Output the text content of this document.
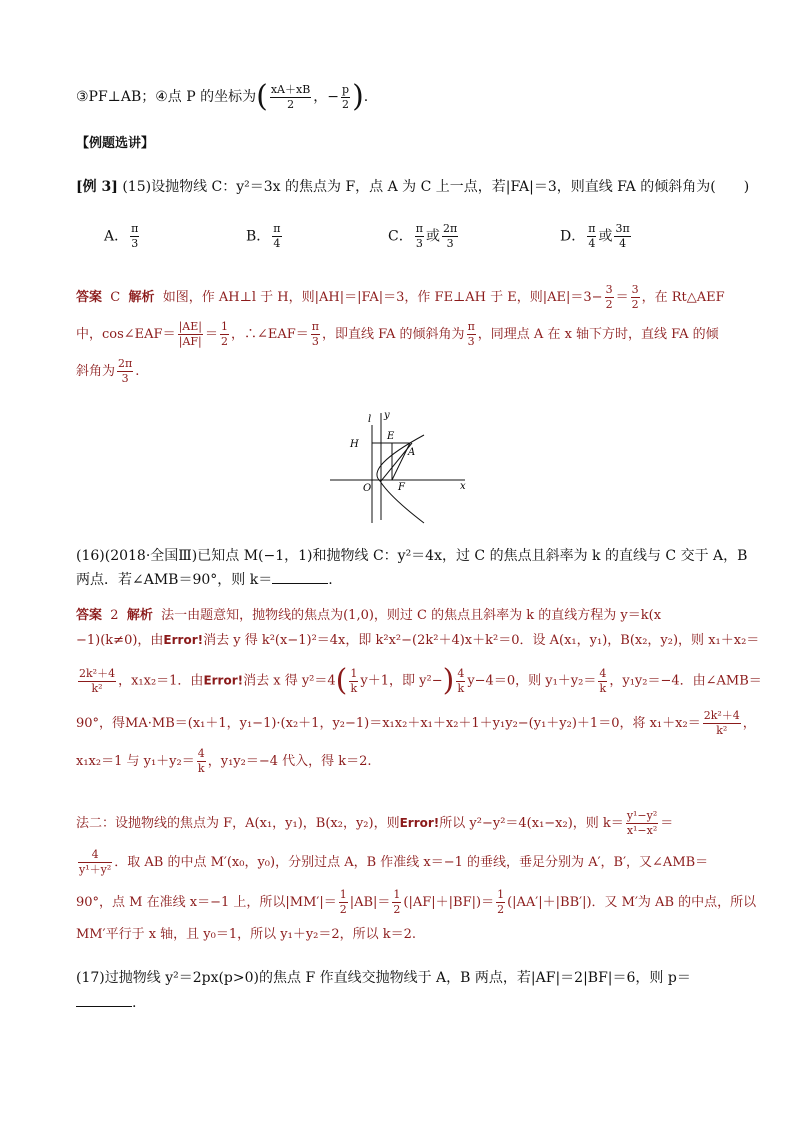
③PF⊥AB；④点 P 的坐标为( $\frac{xA+xB}{2}$ ，− $\frac{p}{2}$ ).
【例题选讲】
[例 3] (15)设抛物线 C：y²＝3x 的焦点为 F，点 A 为 C 上一点，若|FA|＝3，则直线 FA 的倾斜角为(　　)
A． $\frac{\pi}{3}$	B． $\frac{\pi}{4}$	C． $\frac{\pi}{3}$ 或 $\frac{2\pi}{3}$	D． $\frac{\pi}{4}$ 或 $\frac{3\pi}{4}$
答案 C 解析 如图，作 AH⊥l 于 H，则|AH|＝|FA|＝3，作 FE⊥AH 于 E，则$|AE|=3- \frac{3}{2} = \frac{3}{2}$ ，在 Rt△AEF
中，cos∠EAF＝ $\frac{|AE|}{|AF|} = \frac{1}{2}$ ，∴∠EAF＝ $\frac{\pi}{3}$ ，即直线 FA 的倾斜角为 $\frac{\pi}{3}$ ，同理点 A 在 x 轴下方时，直线 FA 的倾
斜角为 $\frac{2\pi}{3}$ .
l y
x
H
E
A
O	F
(16)(2018·全国Ⅲ)已知点 M(−1，1)和抛物线 C：y²＝4x，过 C 的焦点且斜率为 k 的直线与 C 交于 A，B
两点．若∠AMB＝90°，则 k＝	.
答案 2 解析 法一由题意知，抛物线的焦点为(1,0)，则过 C 的焦点且斜率为 k 的直线方程为 y＝k(x
−1)(k≠0)，由Error!消去 y 得 k²(x−1)²＝4x，即 k²x²−(2k²＋4)x＋k²＝0．设 A(x₁，y₁)，B(x₂，y₂)，则 x₁＋x₂＝
$\frac{\text{2k²＋4}}{\text{k²}}$ ，x₁x₂＝1．由Error!消去 x 得 $y^2=4( \frac{1}{k} y+1$，即 $y^2-) \frac{4}{k} y-4=0$，则 $y_1+y_2= \frac{4}{k}$ ，y₁y₂＝−4．由∠AMB＝
90°，得MA·MB＝(x₁＋1，y₁−1)·(x₂＋1，y₂−1)＝x₁x₂＋x₁＋x₂＋1＋y₁y₂−(y₁＋y₂)＋1＝0，将 $x_1+x_2= \frac{\text{2k²＋4}}{\text{k²}}$ ，
x₁x₂＝1 与 $y_1+y_2= \frac{4}{k}$ ，y₁y₂＝−4 代入，得 k＝2.
法二：设抛物线的焦点为 F，A(x₁，y₁)，B(x₂，y₂)，则Error!所以 y²−y²＝4(x₁−x₂)，则 $k= \frac{\text{y¹−y²}}{\text{x¹−x²}}$ ＝
$\frac{4}{\text{y¹＋y²}}$ ．取 AB 的中点 M′(x₀，y₀)，分别过点 A，B 作准线 x＝−1 的垂线，垂足分别为 A′，B′，又∠AMB＝
90°，点 M 在准线 x＝−1 上，所以$|MM'|= \frac{1}{2} |AB|= \frac{1}{2} (|AF|+|BF|)= \frac{1}{2} (|AA'|+|BB'|)$．又 M′为 AB 的中点，所以
MM′平行于 x 轴，且 y₀＝1，所以 y₁＋y₂＝2，所以 k＝2.
(17)过抛物线 y²＝2px(p>0)的焦点 F 作直线交抛物线于 A，B 两点，若|AF|＝2|BF|＝6，则 p＝
.
